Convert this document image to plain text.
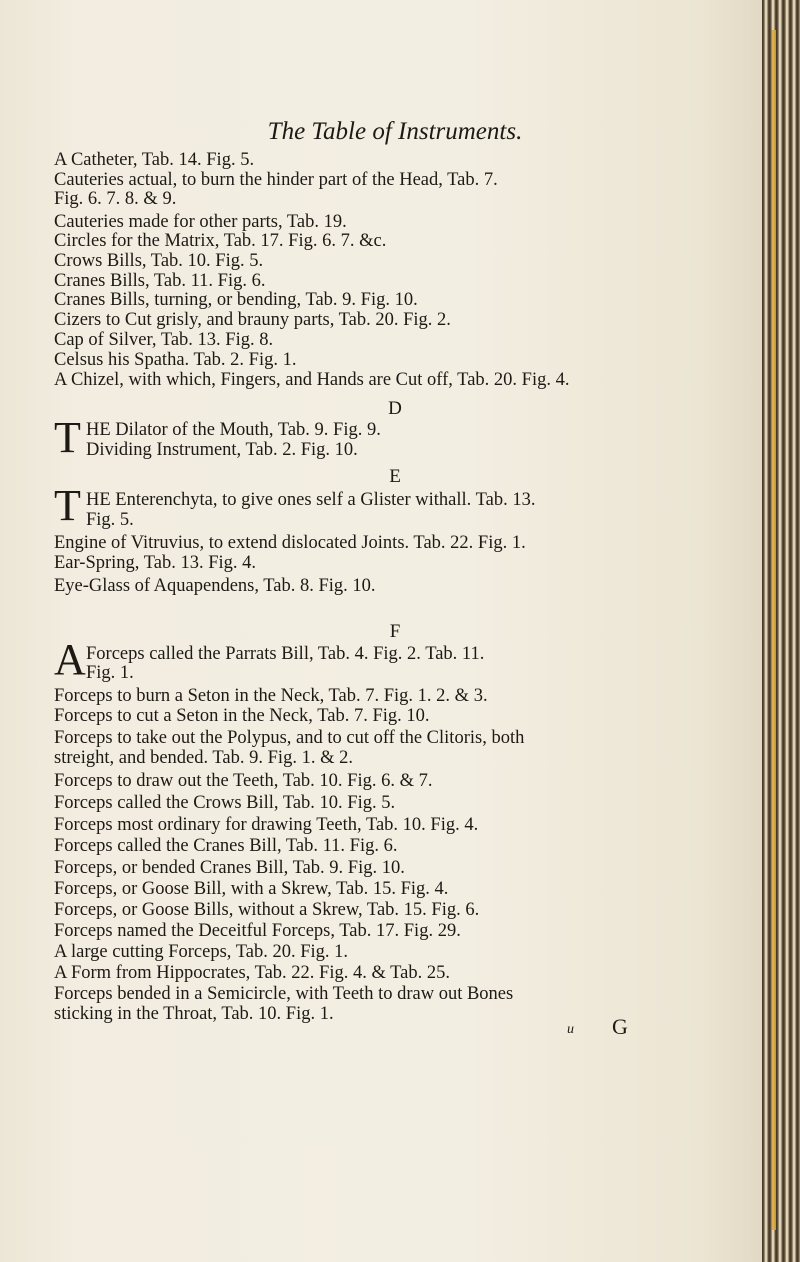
The Table of Instruments.
A Catheter, Tab. 14. Fig. 5.
Cauteries actual, to burn the hinder part of the Head, Tab. 7.
Fig. 6. 7. 8. & 9.
Cauteries made for other parts, Tab. 19.
Circles for the Matrix, Tab. 17. Fig. 6. 7. &c.
Crows Bills, Tab. 10. Fig. 5.
Cranes Bills, Tab. 11. Fig. 6.
Cranes Bills, turning, or bending, Tab. 9. Fig. 10.
Cizers to Cut grisly, and brauny parts, Tab. 20. Fig. 2.
Cap of Silver, Tab. 13. Fig. 8.
Celsus his Spatha. Tab. 2. Fig. 1.
A Chizel, with which, Fingers, and Hands are Cut off, Tab. 20. Fig. 4.
D
T HE Dilator of the Mouth, Tab. 9. Fig. 9.
Dividing Instrument, Tab. 2. Fig. 10.
E
T HE Enterenchyta, to give ones self a Glister withall. Tab. 13.
Fig. 5.
Engine of Vitruvius, to extend dislocated Joints. Tab. 22. Fig. 1.
Ear-Spring, Tab. 13. Fig. 4.
Eye-Glass of Aquapendens, Tab. 8. Fig. 10.
F
A Forceps called the Parrats Bill, Tab. 4. Fig. 2. Tab. 11.
Fig. 1.
Forceps to burn a Seton in the Neck, Tab. 7. Fig. 1. 2. & 3.
Forceps to cut a Seton in the Neck, Tab. 7. Fig. 10.
Forceps to take out the Polypus, and to cut off the Clitoris, both
streight, and bended. Tab. 9. Fig. 1. & 2.
Forceps to draw out the Teeth, Tab. 10. Fig. 6. & 7.
Forceps called the Crows Bill, Tab. 10. Fig. 5.
Forceps most ordinary for drawing Teeth, Tab. 10. Fig. 4.
Forceps called the Cranes Bill, Tab. 11. Fig. 6.
Forceps, or bended Cranes Bill, Tab. 9. Fig. 10.
Forceps, or Goose Bill, with a Skrew, Tab. 15. Fig. 4.
Forceps, or Goose Bills, without a Skrew, Tab. 15. Fig. 6.
Forceps named the Deceitful Forceps, Tab. 17. Fig. 29.
A large cutting Forceps, Tab. 20. Fig. 1.
A Form from Hippocrates, Tab. 22. Fig. 4. & Tab. 25.
Forceps bended in a Semicircle, with Teeth to draw out Bones
sticking in the Throat, Tab. 10. Fig. 1.
u G
